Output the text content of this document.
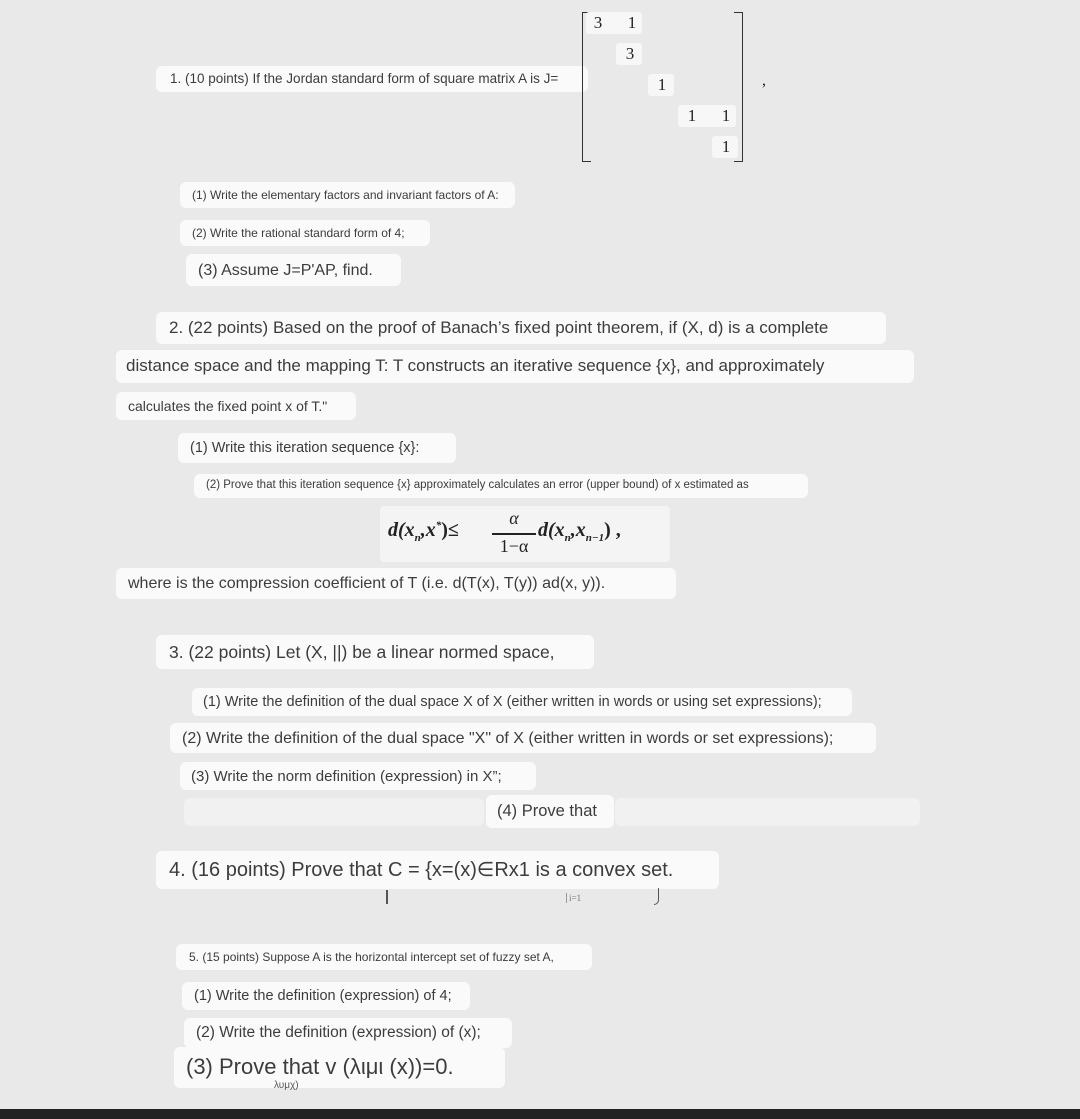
1. (10 points) If the Jordan standard form of square matrix A is J=
3	1
3
1
1	1
1
,
(1) Write the elementary factors and invariant factors of A:
(2) Write the rational standard form of 4;
(3) Assume J=P'AP, find.
2. (22 points) Based on the proof of Banach’s fixed point theorem, if (X, d) is a complete
distance space and the mapping T: T constructs an iterative sequence {x}, and approximately
calculates the fixed point x of T."
(1) Write this iteration sequence {x}:
(2) Prove that this iteration sequence {x} approximately calculates an error (upper bound) of x estimated as
$d(x_n,x^*)\le$
α
1−α
$d(x_n,x_{n-1})$ ,
where is the compression coefficient of T (i.e. d(T(x), T(y)) ad(x, y)).
3. (22 points) Let (X, ||) be a linear normed space,
(1) Write the definition of the dual space X of X (either written in words or using set expressions);
(2) Write the definition of the dual space "X" of X (either written in words or set expressions);
(3) Write the norm definition (expression) in X”;
(4) Prove that
4. (16 points) Prove that C = {x=(x)∈Rx1 is a convex set.
i=1
5. (15 points) Suppose A is the horizontal intercept set of fuzzy set A,
(1) Write the definition (expression) of 4;
(2) Write the definition (expression) of (x);
(3) Prove that v (λιμι (x))=0.
λυμχ)
